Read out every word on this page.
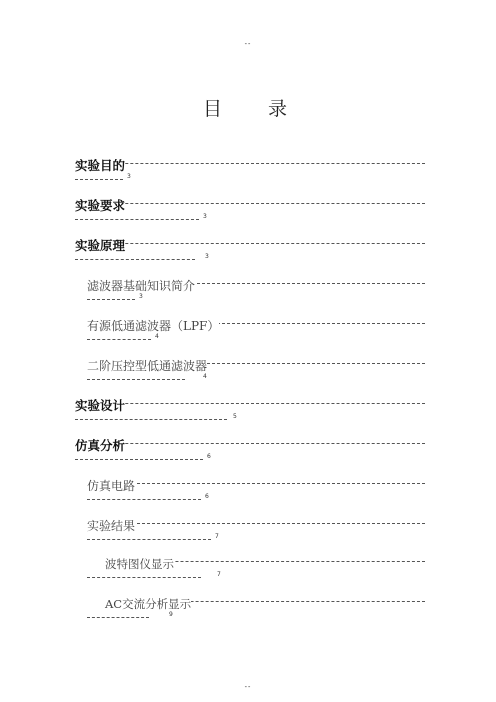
--
目 录
实验目的
3
实验要求
3
实验原理
3
滤波器基础知识简介
3
有源低通滤波器（LPF）
4
二阶压控型低通滤波器
4
实验设计
5
仿真分析
6
仿真电路
6
实验结果
7
波特图仪显示
7
AC交流分析显示
9
--
